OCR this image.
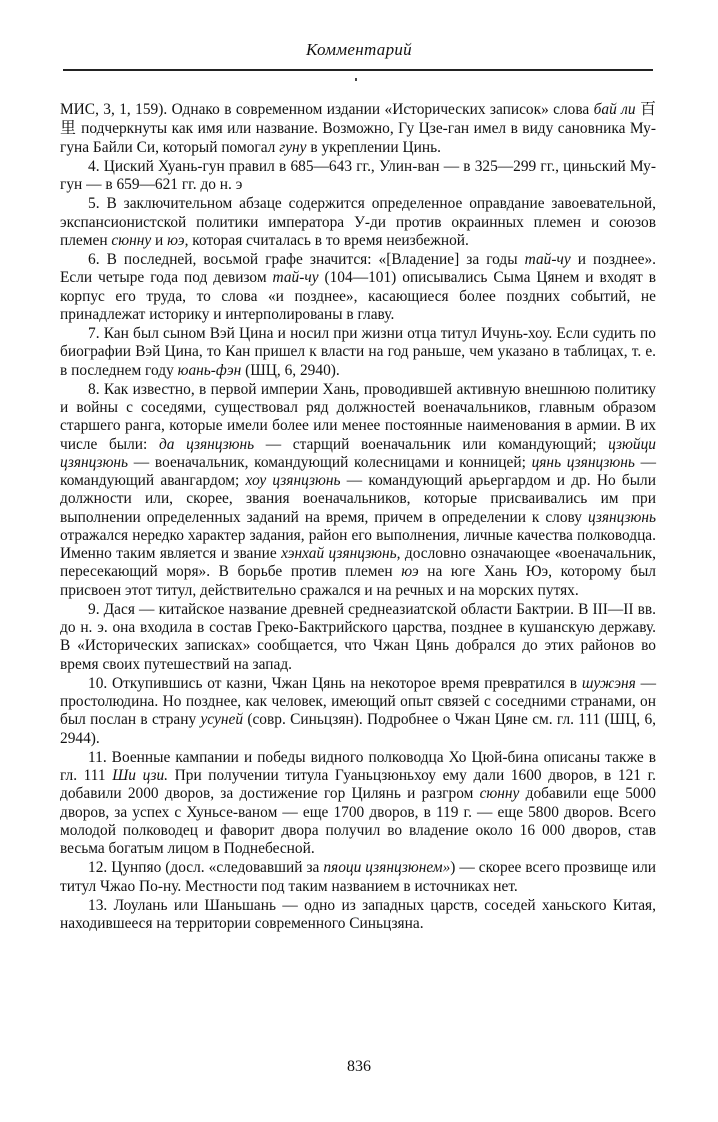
Комментарий

МИС, 3, 1, 159). Однако в современном издании «Исторических записок» слова бай ли 百里 подчеркнуты как имя или название. Возможно, Гу Цзе-ган имел в виду сановника Му-гуна Байли Си, который помогал гуну в укреплении Цинь.

4. Циский Хуань-гун правил в 685—643 гг., Улин-ван — в 325—299 гг., циньский Му-гун — в 659—621 гг. до н. э

5. В заключительном абзаце содержится определенное оправдание завоевательной, экспансионистской политики императора У-ди против окраинных племен и союзов племен сюнну и юэ, которая считалась в то время неизбежной.

6. В последней, восьмой графе значится: «[Владение] за годы тай-чу и позднее». Если четыре года под девизом тай-чу (104—101) описывались Сыма Цянем и входят в корпус его труда, то слова «и позднее», касающиеся более поздних событий, не принадлежат историку и интерполированы в главу.

7. Кан был сыном Вэй Цина и носил при жизни отца титул Ичунь-хоу. Если судить по биографии Вэй Цина, то Кан пришел к власти на год раньше, чем указано в таблицах, т. е. в последнем году юань-фэн (ШЦ, 6, 2940).

8. Как известно, в первой империи Хань, проводившей активную внешнюю политику и войны с соседями, существовал ряд должностей военачальников, главным образом старшего ранга, которые имели более или менее постоянные наименования в армии. В их числе были: да цзянцзюнь — старщий военачальник или командующий; цзюйци цзянцзюнь — военачальник, командующий колесницами и конницей; цянь цзянцзюнь — командующий авангардом; хоу цзянцзюнь — командующий арьергардом и др. Но были должности или, скорее, звания военачальников, которые присваивались им при выполнении определенных заданий на время, причем в определении к слову цзянцзюнь отражался нередко характер задания, район его выполнения, личные качества полководца. Именно таким является и звание хэнхай цзянцзюнь, дословно означающее «военачальник, пересекающий моря». В борьбе против племен юэ на юге Хань Юэ, которому был присвоен этот титул, действительно сражался и на речных и на морских путях.

9. Дася — китайское название древней среднеазиатской области Бактрии. В III—II вв. до н. э. она входила в состав Греко-Бактрийского царства, позднее в кушанскую державу. В «Исторических записках» сообщается, что Чжан Цянь добрался до этих районов во время своих путешествий на запад.

10. Откупившись от казни, Чжан Цянь на некоторое время превратился в шужэня — простолюдина. Но позднее, как человек, имеющий опыт связей с соседними странами, он был послан в страну усуней (совр. Синьцзян). Подробнее о Чжан Цяне см. гл. 111 (ШЦ, 6, 2944).

11. Военные кампании и победы видного полководца Хо Цюй-бина описаны также в гл. 111 Ши цзи. При получении титула Гуаньцзюньхоу ему дали 1600 дворов, в 121 г. добавили 2000 дворов, за достижение гор Цилянь и разгром сюнну добавили еще 5000 дворов, за успех с Хуньсе-ваном — еще 1700 дворов, в 119 г. — еще 5800 дворов. Всего молодой полководец и фаворит двора получил во владение около 16 000 дворов, став весьма богатым лицом в Поднебесной.

12. Цунпяо (досл. «следовавший за пяоци цзянцзюнем») — скорее всего прозвище или титул Чжао По-ну. Местности под таким названием в источниках нет.

13. Лоулань или Шаньшань — одно из западных царств, соседей ханьского Китая, находившееся на территории современного Синьцзяна.

836
